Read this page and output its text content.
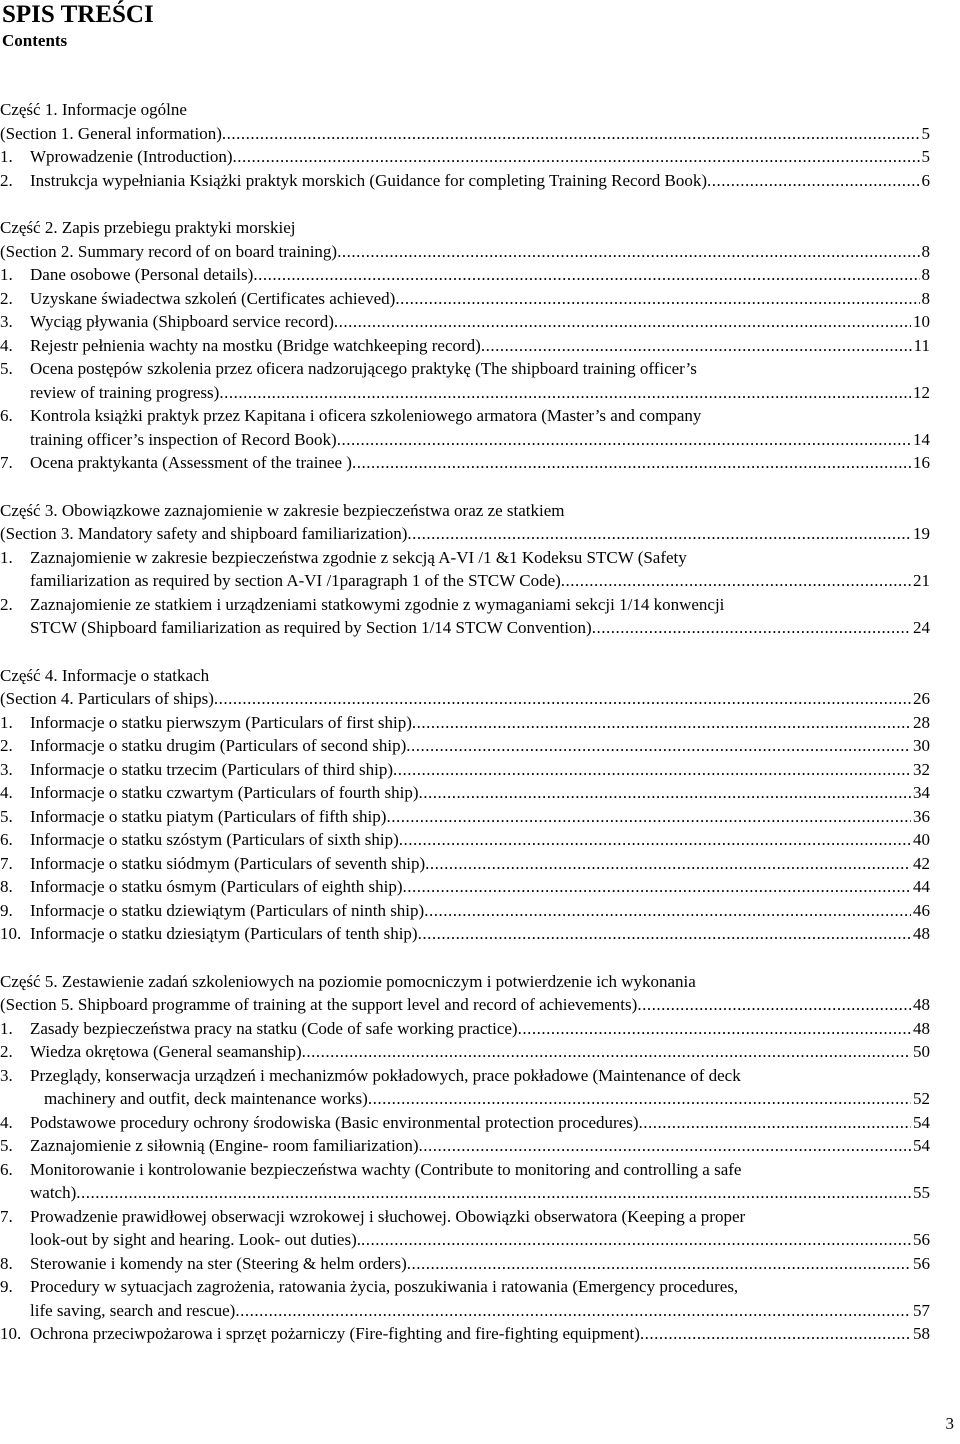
SPIS TREŚCI
Contents
Część 1. Informacje ogólne
(Section 1. General information) .....	5
1.	Wprowadzenie (Introduction) .....	5
2.	Instrukcja wypełniania Książki praktyk morskich (Guidance for completing Training Record Book) .....	6
Część 2. Zapis przebiegu praktyki morskiej
(Section 2. Summary record of on board training) .....	8
1.	Dane osobowe (Personal details) .....	8
2.	Uzyskane świadectwa szkoleń (Certificates achieved) .....	8
3.	Wyciąg pływania (Shipboard service record) .....	10
4.	Rejestr pełnienia wachty na mostku (Bridge watchkeeping record) .....	11
5. Ocena postępów szkolenia przez oficera nadzorującego praktykę (The shipboard training officer’s
review of training progress) .....	12
6. Kontrola książki praktyk przez Kapitana i oficera szkoleniowego armatora (Master’s and company
training officer’s inspection of Record Book) .....	14
7.	Ocena praktykanta (Assessment of the trainee ) .....	16
Część 3. Obowiązkowe zaznajomienie w zakresie bezpieczeństwa oraz ze statkiem
(Section 3. Mandatory safety and shipboard familiarization) .....	19
1. Zaznajomienie w zakresie bezpieczeństwa zgodnie z sekcją A-VI /1 &1 Kodeksu STCW (Safety
familiarization as required by section A-VI /1paragraph 1 of the STCW Code) .....	21
2. Zaznajomienie ze statkiem i urządzeniami statkowymi zgodnie z wymaganiami sekcji 1/14 konwencji
STCW (Shipboard familiarization as required by Section 1/14 STCW Convention) .....	24
Część 4. Informacje o statkach
(Section 4. Particulars of ships) .....	26
1.	Informacje o statku pierwszym (Particulars of first ship) .....	28
2.	Informacje o statku drugim (Particulars of second ship) .....	30
3.	Informacje o statku trzecim (Particulars of third ship) .....	32
4.	Informacje o statku czwartym (Particulars of fourth ship) .....	34
5.	Informacje o statku piatym (Particulars of fifth ship) .....	36
6.	Informacje o statku szóstym (Particulars of sixth ship) .....	40
7.	Informacje o statku siódmym (Particulars of seventh ship) .....	42
8.	Informacje o statku ósmym (Particulars of eighth ship) .....	44
9.	Informacje o statku dziewiątym (Particulars of ninth ship) .....	46
10. Informacje o statku dziesiątym (Particulars of tenth ship) .....	48
Część 5. Zestawienie zadań szkoleniowych na poziomie pomocniczym i potwierdzenie ich wykonania
(Section 5. Shipboard programme of training at the support level and record of achievements) .....	48
1.	Zasady bezpieczeństwa pracy na statku (Code of safe working practice) .....	48
2.	Wiedza okrętowa (General seamanship) .....	50
3. Przeglądy, konserwacja urządzeń i mechanizmów pokładowych, prace pokładowe (Maintenance of deck
machinery and outfit, deck maintenance works) .....	52
4.	Podstawowe procedury ochrony środowiska (Basic environmental protection procedures) .....	54
5.	Zaznajomienie z siłownią (Engine- room familiarization) .....	54
6. Monitorowanie i kontrolowanie bezpieczeństwa wachty (Contribute to monitoring and controlling a safe
watch) .....	55
7. Prowadzenie prawidłowej obserwacji wzrokowej i słuchowej. Obowiązki obserwatora (Keeping a proper
look-out by sight and hearing. Look- out duties). .....	56
8.	Sterowanie i komendy na ster (Steering & helm orders) .....	56
9. Procedury w sytuacjach zagrożenia, ratowania życia, poszukiwania i ratowania (Emergency procedures,
life saving, search and rescue) .....	57
10. Ochrona przeciwpożarowa i sprzęt pożarniczy (Fire-fighting and fire-fighting equipment) .....	58
3
